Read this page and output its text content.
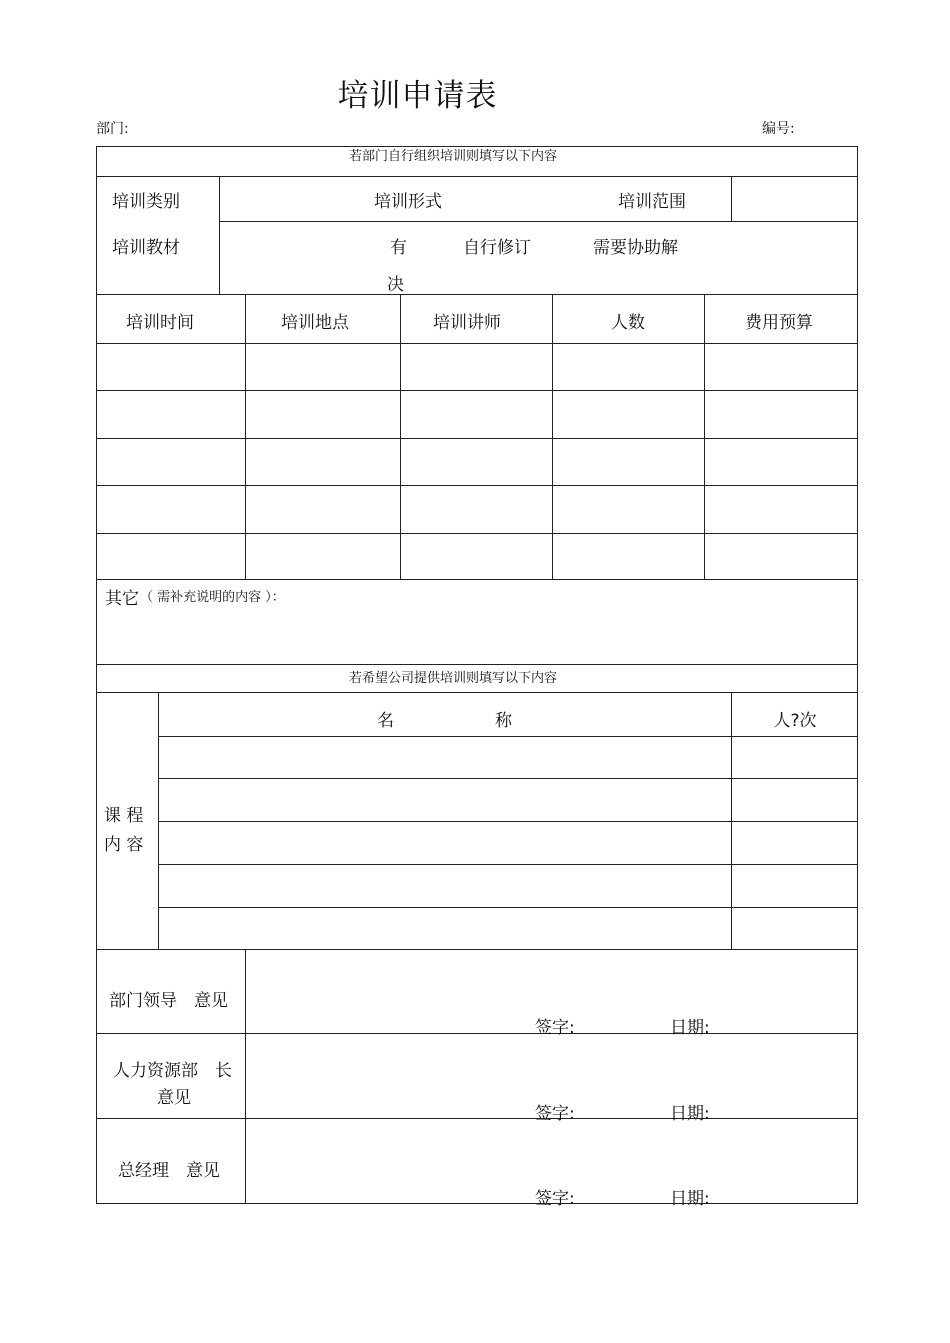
培训申请表
部门:	编号:
若部门自行组织培训则填写以下内容
培训类别	培训形式	培训范围
培训教材	有	自行修订	需要协助解
决
培训时间	培训地点	培训讲师	人数	费用预算
其它 （ 需补充说明的内容 ）：
若希望公司提供培训则填写以下内容
名	称	人?次
课 程
内 容
部门领导　意见
签字:	日期:
人力资源部　长
意见
签字:	日期:
总经理　意见
签字:	日期:
